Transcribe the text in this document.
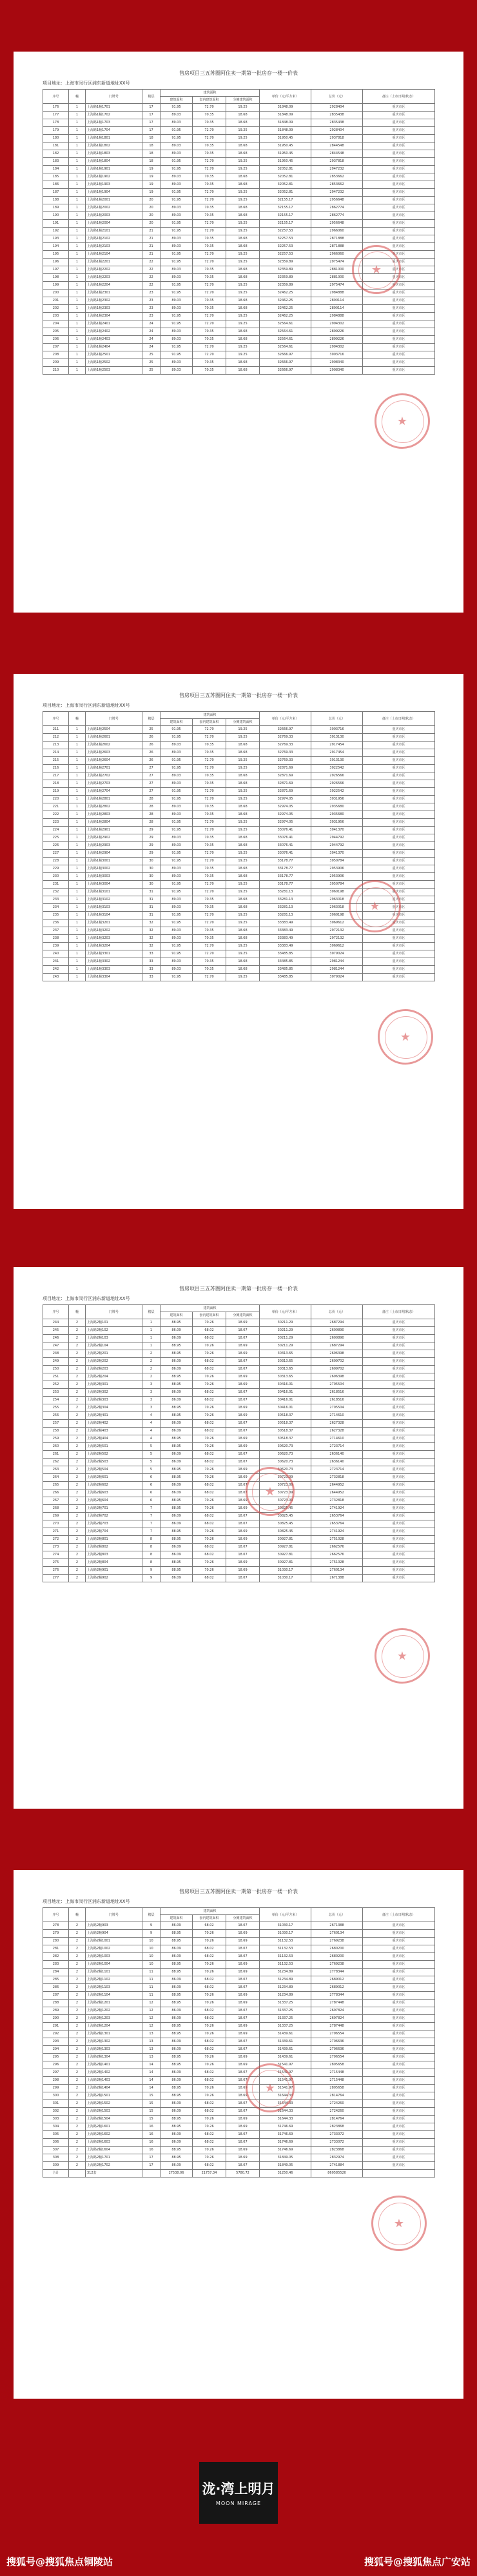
售房项目三五苏圈阿住卖一期第一批房存一楼一价表
项目地址：上海市闵行区浦东新道地址XX号
序号	幢	门牌号	楼层	建筑面积			单价（元/平方米）	总价（元）	备注（上市日期/状态）
				建筑面积	套内建筑面积	分摊建筑面积			
176	1	上海路1幢1701	17	91.95	72.70	19.25	31848.09	2928404	重庆市区
177	1	上海路1幢1702	17	89.03	70.35	18.68	31848.09	2835438	重庆市区
178	1	上海路1幢1703	17	89.03	70.35	18.68	31848.09	2835438	重庆市区
179	1	上海路1幢1704	17	91.95	72.70	19.25	31848.09	2928404	重庆市区
180	1	上海路1幢1801	18	91.95	72.70	19.25	31950.45	2937818	重庆市区
181	1	上海路1幢1802	18	89.03	70.35	18.68	31950.45	2844548	重庆市区
182	1	上海路1幢1803	18	89.03	70.35	18.68	31950.45	2844548	重庆市区
183	1	上海路1幢1804	18	91.95	72.70	19.25	31950.45	2937818	重庆市区
184	1	上海路1幢1901	19	91.95	72.70	19.25	32052.81	2947232	重庆市区
185	1	上海路1幢1902	19	89.03	70.35	18.68	32052.81	2853662	重庆市区
186	1	上海路1幢1903	19	89.03	70.35	18.68	32052.81	2853662	重庆市区
187	1	上海路1幢1904	19	91.95	72.70	19.25	32052.81	2947232	重庆市区
188	1	上海路1幢2001	20	91.95	72.70	19.25	32155.17	2956648	重庆市区
189	1	上海路1幢2002	20	89.03	70.35	18.68	32155.17	2862774	重庆市区
190	1	上海路1幢2003	20	89.03	70.35	18.68	32155.17	2862774	重庆市区
191	1	上海路1幢2004	20	91.95	72.70	19.25	32155.17	2956648	重庆市区
192	1	上海路1幢2101	21	91.95	72.70	19.25	32257.53	2966060	重庆市区
193	1	上海路1幢2102	21	89.03	70.35	18.68	32257.53	2871888	重庆市区
194	1	上海路1幢2103	21	89.03	70.35	18.68	32257.53	2871888	重庆市区
195	1	上海路1幢2104	21	91.95	72.70	19.25	32257.53	2966060	重庆市区
196	1	上海路1幢2201	22	91.95	72.70	19.25	32359.89	2975474	重庆市区
197	1	上海路1幢2202	22	89.03	70.35	18.68	32359.89	2881000	重庆市区
198	1	上海路1幢2203	22	89.03	70.35	18.68	32359.89	2881000	重庆市区
199	1	上海路1幢2204	22	91.95	72.70	19.25	32359.89	2975474	重庆市区
200	1	上海路1幢2301	23	91.95	72.70	19.25	32462.25	2984888	重庆市区
201	1	上海路1幢2302	23	89.03	70.35	18.68	32462.25	2890114	重庆市区
202	1	上海路1幢2303	23	89.03	70.35	18.68	32462.25	2890114	重庆市区
203	1	上海路1幢2304	23	91.95	72.70	19.25	32462.25	2984888	重庆市区
204	1	上海路1幢2401	24	91.95	72.70	19.25	32564.61	2994302	重庆市区
205	1	上海路1幢2402	24	89.03	70.35	18.68	32564.61	2899226	重庆市区
206	1	上海路1幢2403	24	89.03	70.35	18.68	32564.61	2899226	重庆市区
207	1	上海路1幢2404	24	91.95	72.70	19.25	32564.61	2994302	重庆市区
208	1	上海路1幢2501	25	91.95	72.70	19.25	32666.97	3003716	重庆市区
209	1	上海路1幢2502	25	89.03	70.35	18.68	32666.97	2908340	重庆市区
210	1	上海路1幢2503	25	89.03	70.35	18.68	32666.97	2908340	重庆市区
★
★
售房项目三五苏圈阿住卖一期第一批房存一楼一价表
项目地址：上海市闵行区浦东新道地址XX号
序号	幢	门牌号	楼层	建筑面积			单价（元/平方米）	总价（元）	备注（上市日期/状态）
				建筑面积	套内建筑面积	分摊建筑面积			
211	1	上海路1幢2504	25	91.95	72.70	19.25	32666.97	3003716	重庆市区
212	1	上海路1幢2601	26	91.95	72.70	19.25	32769.33	3013130	重庆市区
213	1	上海路1幢2602	26	89.03	70.35	18.68	32769.33	2917454	重庆市区
214	1	上海路1幢2603	26	89.03	70.35	18.68	32769.33	2917454	重庆市区
215	1	上海路1幢2604	26	91.95	72.70	19.25	32769.33	3013130	重庆市区
216	1	上海路1幢2701	27	91.95	72.70	19.25	32871.69	3022542	重庆市区
217	1	上海路1幢2702	27	89.03	70.35	18.68	32871.69	2926566	重庆市区
218	1	上海路1幢2703	27	89.03	70.35	18.68	32871.69	2926566	重庆市区
219	1	上海路1幢2704	27	91.95	72.70	19.25	32871.69	3022542	重庆市区
220	1	上海路1幢2801	28	91.95	72.70	19.25	32974.05	3031956	重庆市区
221	1	上海路1幢2802	28	89.03	70.35	18.68	32974.05	2935680	重庆市区
222	1	上海路1幢2803	28	89.03	70.35	18.68	32974.05	2935680	重庆市区
223	1	上海路1幢2804	28	91.95	72.70	19.25	32974.05	3031956	重庆市区
224	1	上海路1幢2901	29	91.95	72.70	19.25	33076.41	3041370	重庆市区
225	1	上海路1幢2902	29	89.03	70.35	18.68	33076.41	2944792	重庆市区
226	1	上海路1幢2903	29	89.03	70.35	18.68	33076.41	2944792	重庆市区
227	1	上海路1幢2904	29	91.95	72.70	19.25	33076.41	3041370	重庆市区
228	1	上海路1幢3001	30	91.95	72.70	19.25	33178.77	3050784	重庆市区
229	1	上海路1幢3002	30	89.03	70.35	18.68	33178.77	2953906	重庆市区
230	1	上海路1幢3003	30	89.03	70.35	18.68	33178.77	2953906	重庆市区
231	1	上海路1幢3004	30	91.95	72.70	19.25	33178.77	3050784	重庆市区
232	1	上海路1幢3101	31	91.95	72.70	19.25	33281.13	3060198	重庆市区
233	1	上海路1幢3102	31	89.03	70.35	18.68	33281.13	2963018	重庆市区
234	1	上海路1幢3103	31	89.03	70.35	18.68	33281.13	2963018	重庆市区
235	1	上海路1幢3104	31	91.95	72.70	19.25	33281.13	3060198	重庆市区
236	1	上海路1幢3201	32	91.95	72.70	19.25	33383.49	3069612	重庆市区
237	1	上海路1幢3202	32	89.03	70.35	18.68	33383.49	2972132	重庆市区
238	1	上海路1幢3203	32	89.03	70.35	18.68	33383.49	2972132	重庆市区
239	1	上海路1幢3204	32	91.95	72.70	19.25	33383.49	3069612	重庆市区
240	1	上海路1幢3301	33	91.95	72.70	19.25	33485.85	3079024	重庆市区
241	1	上海路1幢3302	33	89.03	70.35	18.68	33485.85	2981244	重庆市区
242	1	上海路1幢3303	33	89.03	70.35	18.68	33485.85	2981244	重庆市区
243	1	上海路1幢3304	33	91.95	72.70	19.25	33485.85	3079024	重庆市区
★
★
售房项目三五苏圈阿住卖一期第一批房存一楼一价表
项目地址：上海市闵行区浦东新道地址XX号
序号	幢	门牌号	楼层	建筑面积			单价（元/平方米）	总价（元）	备注（上市日期/状态）
				建筑面积	套内建筑面积	分摊建筑面积			
244	2	上海路2幢101	1	88.95	70.26	18.69	30211.29	2687294	重庆市区
245	2	上海路2幢102	1	86.09	68.02	18.07	30211.29	2600890	重庆市区
246	2	上海路2幢103	1	86.09	68.02	18.07	30211.29	2600890	重庆市区
247	2	上海路2幢104	1	88.95	70.26	18.69	30211.29	2687294	重庆市区
248	2	上海路2幢201	2	88.95	70.26	18.69	30313.65	2696398	重庆市区
249	2	上海路2幢202	2	86.09	68.02	18.07	30313.65	2609702	重庆市区
250	2	上海路2幢203	2	86.09	68.02	18.07	30313.65	2609702	重庆市区
251	2	上海路2幢204	2	88.95	70.26	18.69	30313.65	2696398	重庆市区
252	2	上海路2幢301	3	88.95	70.26	18.69	30416.01	2705504	重庆市区
253	2	上海路2幢302	3	86.09	68.02	18.07	30416.01	2618516	重庆市区
254	2	上海路2幢303	3	86.09	68.02	18.07	30416.01	2618516	重庆市区
255	2	上海路2幢304	3	88.95	70.26	18.69	30416.01	2705504	重庆市区
256	2	上海路2幢401	4	88.95	70.26	18.69	30518.37	2714610	重庆市区
257	2	上海路2幢402	4	86.09	68.02	18.07	30518.37	2627328	重庆市区
258	2	上海路2幢403	4	86.09	68.02	18.07	30518.37	2627328	重庆市区
259	2	上海路2幢404	4	88.95	70.26	18.69	30518.37	2714610	重庆市区
260	2	上海路2幢501	5	88.95	70.26	18.69	30620.73	2723714	重庆市区
261	2	上海路2幢502	5	86.09	68.02	18.07	30620.73	2636140	重庆市区
262	2	上海路2幢503	5	86.09	68.02	18.07	30620.73	2636140	重庆市区
263	2	上海路2幢504	5	88.95	70.26	18.69	30620.73	2723714	重庆市区
264	2	上海路2幢601	6	88.95	70.26	18.69	30723.09	2732818	重庆市区
265	2	上海路2幢602	6	86.09	68.02	18.07	30723.09	2644952	重庆市区
266	2	上海路2幢603	6	86.09	68.02	18.07	30723.09	2644952	重庆市区
267	2	上海路2幢604	6	88.95	70.26	18.69	30723.09	2732818	重庆市区
268	2	上海路2幢701	7	88.95	70.26	18.69	30825.45	2741924	重庆市区
269	2	上海路2幢702	7	86.09	68.02	18.07	30825.45	2653764	重庆市区
270	2	上海路2幢703	7	86.09	68.02	18.07	30825.45	2653764	重庆市区
271	2	上海路2幢704	7	88.95	70.26	18.69	30825.45	2741924	重庆市区
272	2	上海路2幢801	8	88.95	70.26	18.69	30927.81	2751028	重庆市区
273	2	上海路2幢802	8	86.09	68.02	18.07	30927.81	2662576	重庆市区
274	2	上海路2幢803	8	86.09	68.02	18.07	30927.81	2662576	重庆市区
275	2	上海路2幢804	8	88.95	70.26	18.69	30927.81	2751028	重庆市区
276	2	上海路2幢901	9	88.95	70.26	18.69	31030.17	2760134	重庆市区
277	2	上海路2幢902	9	86.09	68.02	18.07	31030.17	2671388	重庆市区
★
★
售房项目三五苏圈阿住卖一期第一批房存一楼一价表
项目地址：上海市闵行区浦东新道地址XX号
序号	幢	门牌号	楼层	建筑面积			单价（元/平方米）	总价（元）	备注（上市日期/状态）
				建筑面积	套内建筑面积	分摊建筑面积			
278	2	上海路2幢903	9	86.09	68.02	18.07	31030.17	2671388	重庆市区
279	2	上海路2幢904	9	88.95	70.26	18.69	31030.17	2760134	重庆市区
280	2	上海路2幢1001	10	88.95	70.26	18.69	31132.53	2769238	重庆市区
281	2	上海路2幢1002	10	86.09	68.02	18.07	31132.53	2680200	重庆市区
282	2	上海路2幢1003	10	86.09	68.02	18.07	31132.53	2680200	重庆市区
283	2	上海路2幢1004	10	88.95	70.26	18.69	31132.53	2769238	重庆市区
284	2	上海路2幢1101	11	88.95	70.26	18.69	31234.89	2778344	重庆市区
285	2	上海路2幢1102	11	86.09	68.02	18.07	31234.89	2689012	重庆市区
286	2	上海路2幢1103	11	86.09	68.02	18.07	31234.89	2689012	重庆市区
287	2	上海路2幢1104	11	88.95	70.26	18.69	31234.89	2778344	重庆市区
288	2	上海路2幢1201	12	88.95	70.26	18.69	31337.25	2787448	重庆市区
289	2	上海路2幢1202	12	86.09	68.02	18.07	31337.25	2697824	重庆市区
290	2	上海路2幢1203	12	86.09	68.02	18.07	31337.25	2697824	重庆市区
291	2	上海路2幢1204	12	88.95	70.26	18.69	31337.25	2787448	重庆市区
292	2	上海路2幢1301	13	88.95	70.26	18.69	31439.61	2796554	重庆市区
293	2	上海路2幢1302	13	86.09	68.02	18.07	31439.61	2706636	重庆市区
294	2	上海路2幢1303	13	86.09	68.02	18.07	31439.61	2706636	重庆市区
295	2	上海路2幢1304	13	88.95	70.26	18.69	31439.61	2796554	重庆市区
296	2	上海路2幢1401	14	88.95	70.26	18.69	31541.97	2805658	重庆市区
297	2	上海路2幢1402	14	86.09	68.02	18.07	31541.97	2715448	重庆市区
298	2	上海路2幢1403	14	86.09	68.02	18.07	31541.97	2715448	重庆市区
299	2	上海路2幢1404	14	88.95	70.26	18.69	31541.97	2805658	重庆市区
300	2	上海路2幢1501	15	88.95	70.26	18.69	31644.33	2814764	重庆市区
301	2	上海路2幢1502	15	86.09	68.02	18.07	31644.33	2724260	重庆市区
302	2	上海路2幢1503	15	86.09	68.02	18.07	31644.33	2724260	重庆市区
303	2	上海路2幢1504	15	88.95	70.26	18.69	31644.33	2814764	重庆市区
304	2	上海路2幢1601	16	88.95	70.26	18.69	31746.69	2823868	重庆市区
305	2	上海路2幢1602	16	86.09	68.02	18.07	31746.69	2733072	重庆市区
306	2	上海路2幢1603	16	86.09	68.02	18.07	31746.69	2733072	重庆市区
307	2	上海路2幢1604	16	88.95	70.26	18.69	31746.69	2823868	重庆市区
308	2	上海路2幢1701	17	88.95	70.26	18.69	31849.05	2832974	重庆市区
309	2	上海路2幢1702	17	86.09	68.02	18.07	31849.05	2741884	重庆市区
合计		312套		27538.06	21757.34	5780.72	31250.46	860585520	
★
★
泷·湾上明月
MOON MIRAGE
搜狐号@搜狐焦点铜陵站	搜狐号@搜狐焦点广安站
